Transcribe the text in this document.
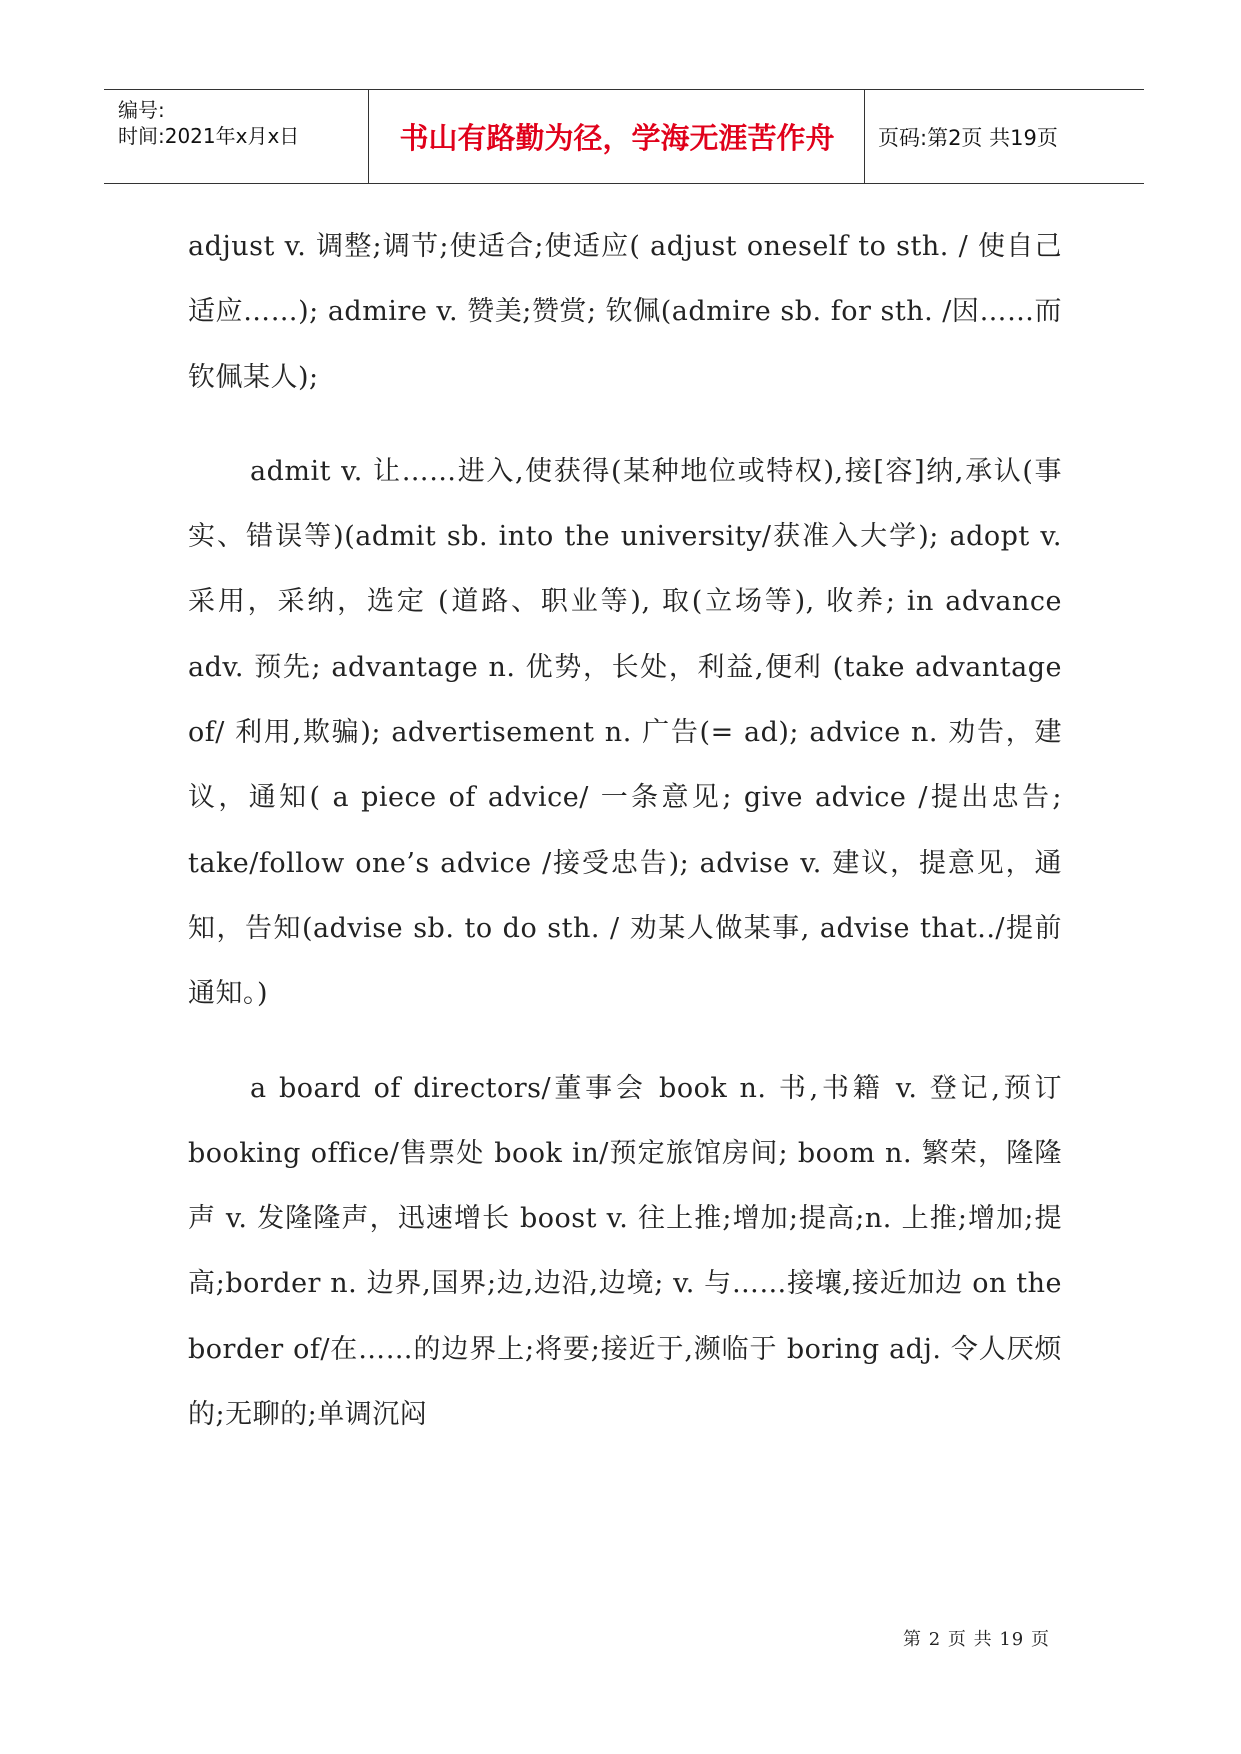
编号:
时间:2021年x月x日	书山有路勤为径，学海无涯苦作舟	页码:第2页 共19页

adjust v. 调整;调节;使适合;使适应( adjust oneself to sth. / 使自己适应……); admire v. 赞美;赞赏; 钦佩(admire sb. for sth. /因……而钦佩某人);

admit v. 让……进入,使获得(某种地位或特权),接[容]纳,承认(事实、错误等)(admit sb. into the university/获准入大学); adopt v. 采用，采纳，选定 (道路、职业等), 取(立场等), 收养; in advance adv. 预先; advantage n. 优势，长处，利益,便利 (take advantage of/ 利用,欺骗); advertisement n. 广告(= ad); advice n. 劝告，建议，通知( a piece of advice/ 一条意见; give advice /提出忠告; take/follow one’s advice /接受忠告); advise v. 建议，提意见，通知，告知(advise sb. to do sth. / 劝某人做某事, advise that../提前通知。)

a board of directors/董事会 book n. 书,书籍 v. 登记,预订 booking office/售票处 book in/预定旅馆房间; boom n. 繁荣，隆隆声 v. 发隆隆声，迅速增长 boost v. 往上推;增加;提高;n. 上推;增加;提高;border n. 边界,国界;边,边沿,边境; v. 与……接壤,接近加边 on the border of/在……的边界上;将要;接近于,濒临于 boring adj. 令人厌烦的;无聊的;单调沉闷

第 2 页 共 19 页
